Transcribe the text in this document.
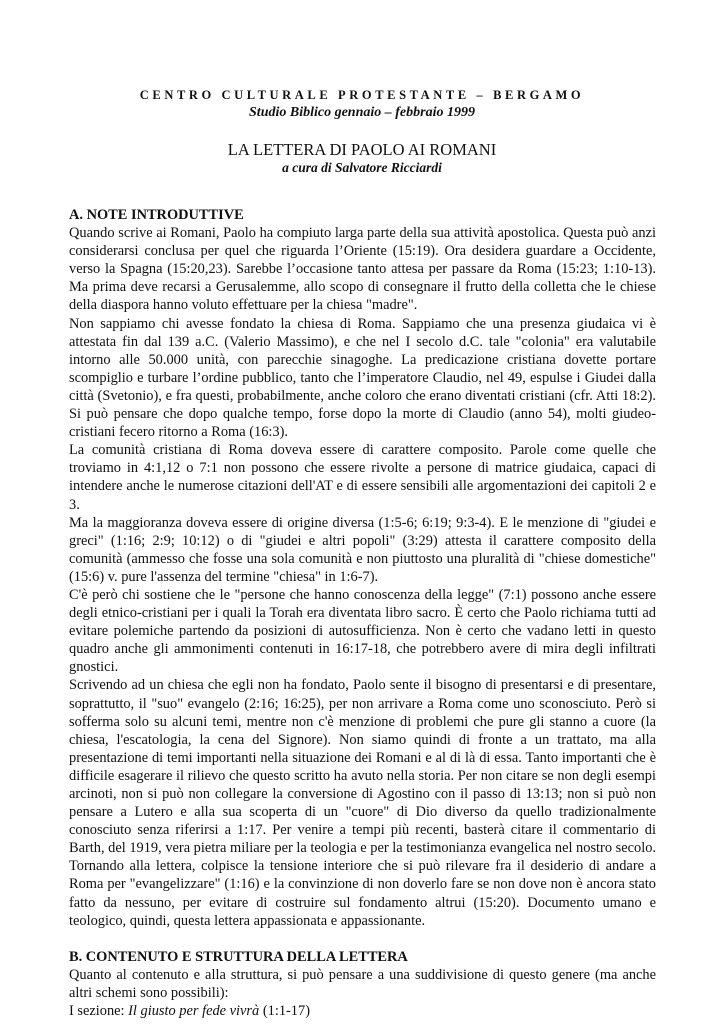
CENTRO CULTURALE PROTESTANTE – BERGAMO
Studio Biblico gennaio – febbraio 1999
LA LETTERA DI PAOLO AI ROMANI
a cura di Salvatore Ricciardi

A. NOTE INTRODUTTIVE

Quando scrive ai Romani, Paolo ha compiuto larga parte della sua attività apostolica. Questa può anzi considerarsi conclusa per quel che riguarda l’Oriente (15:19). Ora desidera guardare a Occidente, verso la Spagna (15:20,23). Sarebbe l’occasione tanto attesa per passare da Roma (15:23; 1:10-13). Ma prima deve recarsi a Gerusalemme, allo scopo di consegnare il frutto della colletta che le chiese della diaspora hanno voluto effettuare per la chiesa "madre".

Non sappiamo chi avesse fondato la chiesa di Roma. Sappiamo che una presenza giudaica vi è attestata fin dal 139 a.C. (Valerio Massimo), e che nel I secolo d.C. tale "colonia" era valutabile intorno alle 50.000 unità, con parecchie sinagoghe. La predicazione cristiana dovette portare scompiglio e turbare l’ordine pubblico, tanto che l’imperatore Claudio, nel 49, espulse i Giudei dalla città (Svetonio), e fra questi, probabilmente, anche coloro che erano diventati cristiani (cfr. Atti 18:2). Si può pensare che dopo qualche tempo, forse dopo la morte di Claudio (anno 54), molti giudeo-cristiani fecero ritorno a Roma (16:3).

La comunità cristiana di Roma doveva essere di carattere composito. Parole come quelle che troviamo in 4:1,12 o 7:1 non possono che essere rivolte a persone di matrice giudaica, capaci di intendere anche le numerose citazioni dell'AT e di essere sensibili alle argomentazioni dei capitoli 2 e 3.

Ma la maggioranza doveva essere di origine diversa (1:5-6; 6:19; 9:3-4). E le menzione di "giudei e greci" (1:16; 2:9; 10:12) o di "giudei e altri popoli" (3:29) attesta il carattere composito della comunità (ammesso che fosse una sola comunità e non piuttosto una pluralità di "chiese domestiche" (15:6) v. pure l'assenza del termine "chiesa" in 1:6-7).

C'è però chi sostiene che le "persone che hanno conoscenza della legge" (7:1) possono anche essere degli etnico-cristiani per i quali la Torah era diventata libro sacro. È certo che Paolo richiama tutti ad evitare polemiche partendo da posizioni di autosufficienza. Non è certo che vadano letti in questo quadro anche gli ammonimenti contenuti in 16:17-18, che potrebbero avere di mira degli infiltrati gnostici.

Scrivendo ad un chiesa che egli non ha fondato, Paolo sente il bisogno di presentarsi e di presentare, soprattutto, il "suo" evangelo (2:16; 16:25), per non arrivare a Roma come uno sconosciuto. Però si sofferma solo su alcuni temi, mentre non c'è menzione di problemi che pure gli stanno a cuore (la chiesa, l'escatologia, la cena del Signore). Non siamo quindi di fronte a un trattato, ma alla presentazione di temi importanti nella situazione dei Romani e al di là di essa. Tanto importanti che è difficile esagerare il rilievo che questo scritto ha avuto nella storia. Per non citare se non degli esempi arcinoti, non si può non collegare la conversione di Agostino con il passo di 13:13; non si può non pensare a Lutero e alla sua scoperta di un "cuore" di Dio diverso da quello tradizionalmente conosciuto senza riferirsi a 1:17. Per venire a tempi più recenti, basterà citare il commentario di Barth, del 1919, vera pietra miliare per la teologia e per la testimonianza evangelica nel nostro secolo.

Tornando alla lettera, colpisce la tensione interiore che si può rilevare fra il desiderio di andare a Roma per "evangelizzare" (1:16) e la convinzione di non doverlo fare se non dove non è ancora stato fatto da nessuno, per evitare di costruire sul fondamento altrui (15:20). Documento umano e teologico, quindi, questa lettera appassionata e appassionante.

B. CONTENUTO E STRUTTURA DELLA LETTERA

Quanto al contenuto e alla struttura, si può pensare a una suddivisione di questo genere (ma anche altri schemi sono possibili):

I sezione: Il giusto per fede vivrà (1:1-17)
